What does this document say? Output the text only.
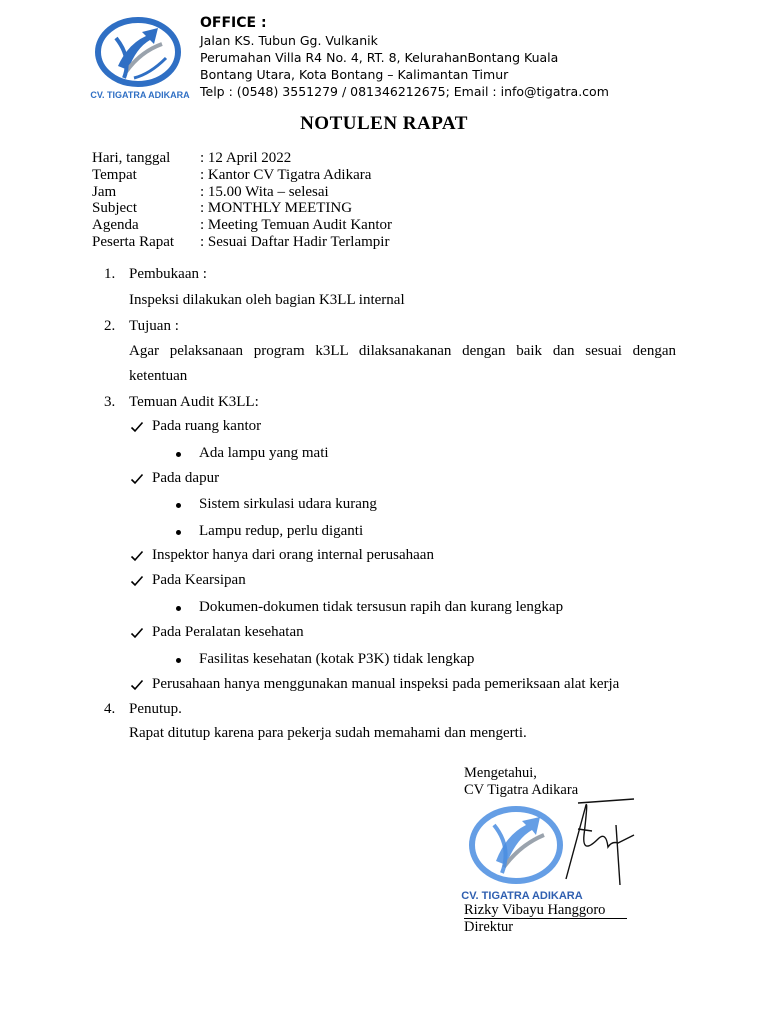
CV. TIGATRA ADIKARA
OFFICE :
Jalan KS. Tubun Gg. Vulkanik
Perumahan Villa R4 No. 4, RT. 8, KelurahanBontang Kuala
Bontang Utara, Kota Bontang – Kalimantan Timur
Telp : (0548) 3551279 / 081346212675; Email : info@tigatra.com
NOTULEN RAPAT
Hari, tanggal	: 12 April 2022
Tempat	: Kantor CV Tigatra Adikara
Jam	: 15.00 Wita – selesai
Subject	: MONTHLY MEETING
Agenda	: Meeting Temuan Audit Kantor
Peserta Rapat	: Sesuai Daftar Hadir Terlampir
1. Pembukaan :
Inspeksi dilakukan oleh bagian K3LL internal
2. Tujuan :
Agar pelaksanaan program k3LL dilaksanakanan dengan baik dan sesuai dengan
ketentuan
3. Temuan Audit K3LL:
Pada ruang kantor
Ada lampu yang mati
Pada dapur
Sistem sirkulasi udara kurang
Lampu redup, perlu diganti
Inspektor hanya dari orang internal perusahaan
Pada Kearsipan
Dokumen-dokumen tidak tersusun rapih dan kurang lengkap
Pada Peralatan kesehatan
Fasilitas kesehatan (kotak P3K) tidak lengkap
Perusahaan hanya menggunakan manual inspeksi pada pemeriksaan alat kerja
4. Penutup.
Rapat ditutup karena para pekerja sudah memahami dan mengerti.
Mengetahui,
CV Tigatra Adikara
CV. TIGATRA ADIKARA
Rizky Vibayu Hanggoro
Direktur
